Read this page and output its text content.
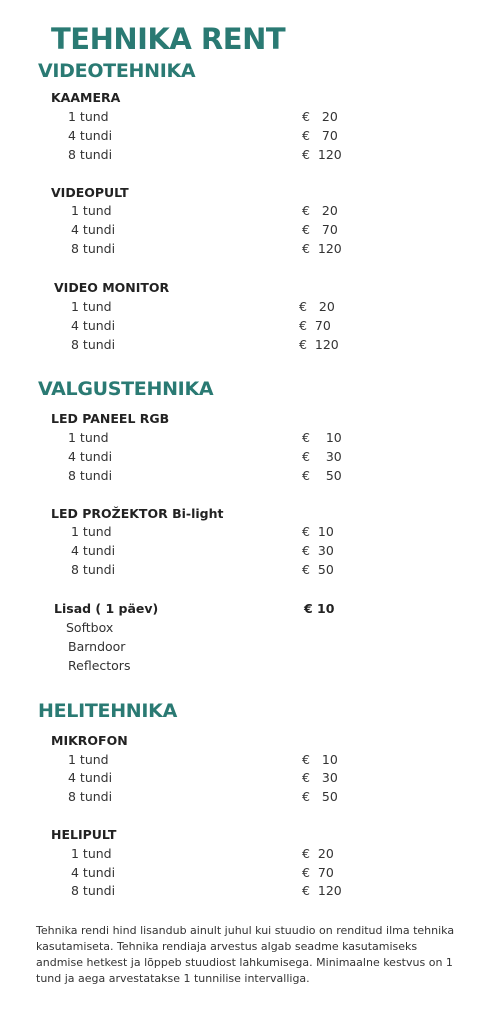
TEHNIKA RENT
VIDEOTEHNIKA
KAAMERA
1 tund	€   20
4 tundi	€   70
8 tundi	€  120
VIDEOPULT
1 tund	€   20
4 tundi	€   70
8 tundi	€  120
VIDEO MONITOR
1 tund	€   20
4 tundi	€  70
8 tundi	€  120
VALGUSTEHNIKA
LED PANEEL RGB
1 tund	€    10
4 tundi	€    30
8 tundi	€    50
LED PROŽEKTOR Bi-light
1 tund	€  10
4 tundi	€  30
8 tundi	€  50
Lisad ( 1 päev)	€ 10
Softbox
Barndoor
Reflectors
HELITEHNIKA
MIKROFON
1 tund	€   10
4 tundi	€   30
8 tundi	€   50
HELIPULT
1 tund	€  20
4 tundi	€  70
8 tundi	€  120
Tehnika rendi hind lisandub ainult juhul kui stuudio on renditud ilma tehnika kasutamiseta. Tehnika rendiaja arvestus algab seadme kasutamiseks andmise hetkest ja lõppeb stuudiost lahkumisega. Minimaalne kestvus on 1 tund ja aega arvestatakse 1 tunnilise intervalliga.
